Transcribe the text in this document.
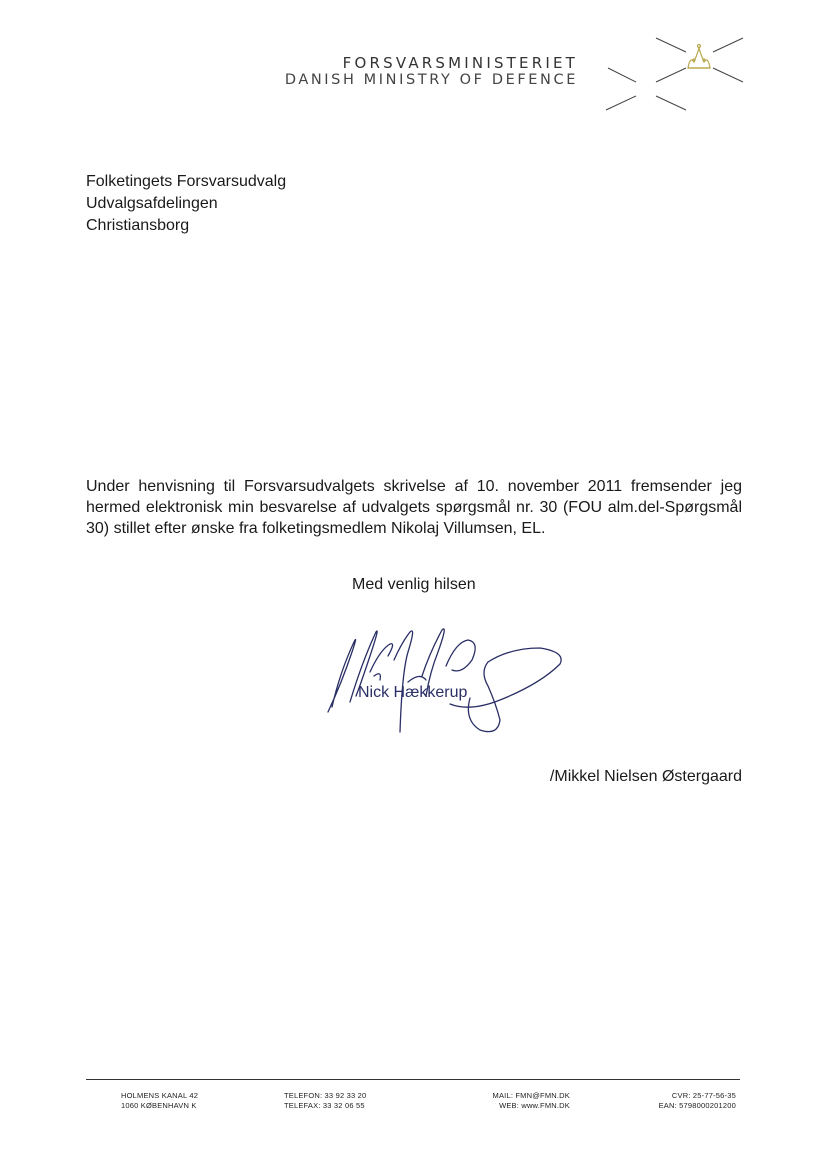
FORSVARSMINISTERIET
DANISH MINISTRY OF DEFENCE
Folketingets Forsvarsudvalg
Udvalgsafdelingen
Christiansborg
Under henvisning til Forsvarsudvalgets skrivelse af 10. november 2011 fremsender jeg hermed elektronisk min besvarelse af udvalgets spørgsmål nr. 30 (FOU alm.del-Spørgsmål 30) stillet efter ønske fra folketingsmedlem Nikolaj Villumsen, EL.
Med venlig hilsen
Nick Hækkerup
/Mikkel Nielsen Østergaard
HOLMENS KANAL 42
1060 KØBENHAVN K
TELEFON: 33 92 33 20
TELEFAX: 33 32 06 55
MAIL: FMN@FMN.DK
WEB: www.FMN.DK
CVR: 25-77-56-35
EAN: 5798000201200
